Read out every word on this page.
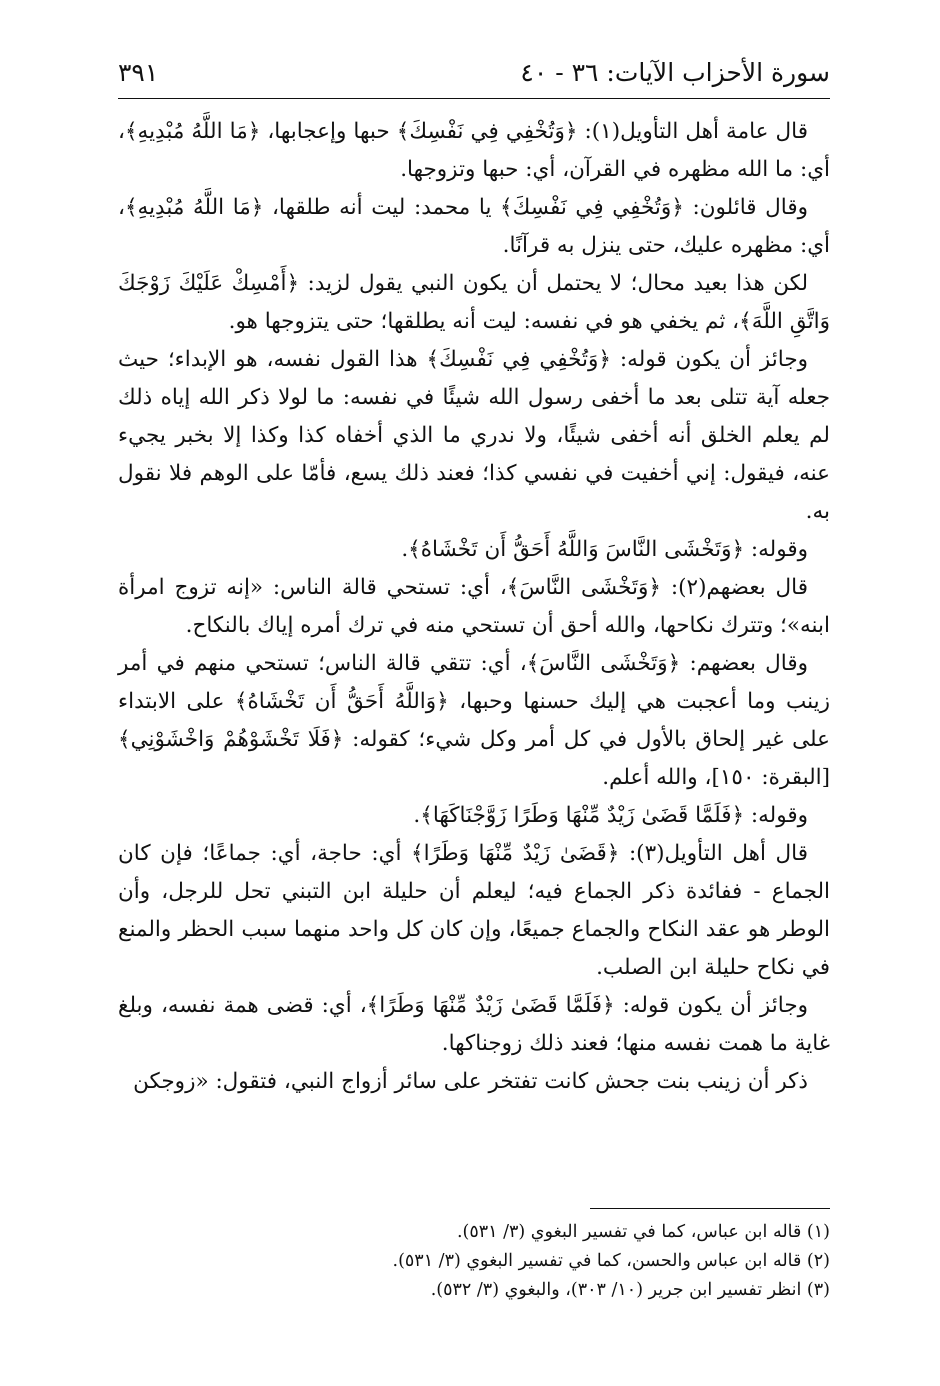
سورة الأحزاب الآيات: ٣٦ - ٤٠
٣٩١

قال عامة أهل التأويل(١): ﴿وَتُخْفِي فِي نَفْسِكَ﴾ حبها وإعجابها، ﴿مَا اللَّهُ مُبْدِيهِ﴾، أي: ما الله مظهره في القرآن، أي: حبها وتزوجها.

وقال قائلون: ﴿وَتُخْفِي فِي نَفْسِكَ﴾ يا محمد: ليت أنه طلقها، ﴿مَا اللَّهُ مُبْدِيهِ﴾، أي: مظهره عليك، حتى ينزل به قرآنًا.

لكن هذا بعيد محال؛ لا يحتمل أن يكون النبي يقول لزيد: ﴿أَمْسِكْ عَلَيْكَ زَوْجَكَ وَاتَّقِ اللَّهَ﴾، ثم يخفي هو في نفسه: ليت أنه يطلقها؛ حتى يتزوجها هو.

وجائز أن يكون قوله: ﴿وَتُخْفِي فِي نَفْسِكَ﴾ هذا القول نفسه، هو الإبداء؛ حيث جعله آية تتلى بعد ما أخفى رسول الله شيئًا في نفسه: ما لولا ذكر الله إياه ذلك لم يعلم الخلق أنه أخفى شيئًا، ولا ندري ما الذي أخفاه كذا وكذا إلا بخبر يجيء عنه، فيقول: إني أخفيت في نفسي كذا؛ فعند ذلك يسع، فأمّا على الوهم فلا نقول به.

وقوله: ﴿وَتَخْشَى النَّاسَ وَاللَّهُ أَحَقُّ أَن تَخْشَاهُ﴾.

قال بعضهم(٢): ﴿وَتَخْشَى النَّاسَ﴾، أي: تستحي قالة الناس: «إنه تزوج امرأة ابنه»؛ وتترك نكاحها، والله أحق أن تستحي منه في ترك أمره إياك بالنكاح.

وقال بعضهم: ﴿وَتَخْشَى النَّاسَ﴾، أي: تتقي قالة الناس؛ تستحي منهم في أمر زينب وما أعجبت هي إليك حسنها وحبها، ﴿وَاللَّهُ أَحَقُّ أَن تَخْشَاهُ﴾ على الابتداء على غير إلحاق بالأول في كل أمر وكل شيء؛ كقوله: ﴿فَلَا تَخْشَوْهُمْ وَاخْشَوْنِي﴾ [البقرة: ١٥٠]، والله أعلم.

وقوله: ﴿فَلَمَّا قَضَىٰ زَيْدٌ مِّنْهَا وَطَرًا زَوَّجْنَاكَهَا﴾.

قال أهل التأويل(٣): ﴿قَضَىٰ زَيْدٌ مِّنْهَا وَطَرًا﴾ أي: حاجة، أي: جماعًا؛ فإن كان الجماع - ففائدة ذكر الجماع فيه؛ ليعلم أن حليلة ابن التبني تحل للرجل، وأن الوطر هو عقد النكاح والجماع جميعًا، وإن كان كل واحد منهما سبب الحظر والمنع في نكاح حليلة ابن الصلب.

وجائز أن يكون قوله: ﴿فَلَمَّا قَضَىٰ زَيْدٌ مِّنْهَا وَطَرًا﴾، أي: قضى همة نفسه، وبلغ غاية ما همت نفسه منها؛ فعند ذلك زوجناكها.

ذكر أن زينب بنت جحش كانت تفتخر على سائر أزواج النبي، فتقول: «زوجكن

(١) قاله ابن عباس، كما في تفسير البغوي (٣/ ٥٣١).
(٢) قاله ابن عباس والحسن، كما في تفسير البغوي (٣/ ٥٣١).
(٣) انظر تفسير ابن جرير (١٠/ ٣٠٣)، والبغوي (٣/ ٥٣٢).
